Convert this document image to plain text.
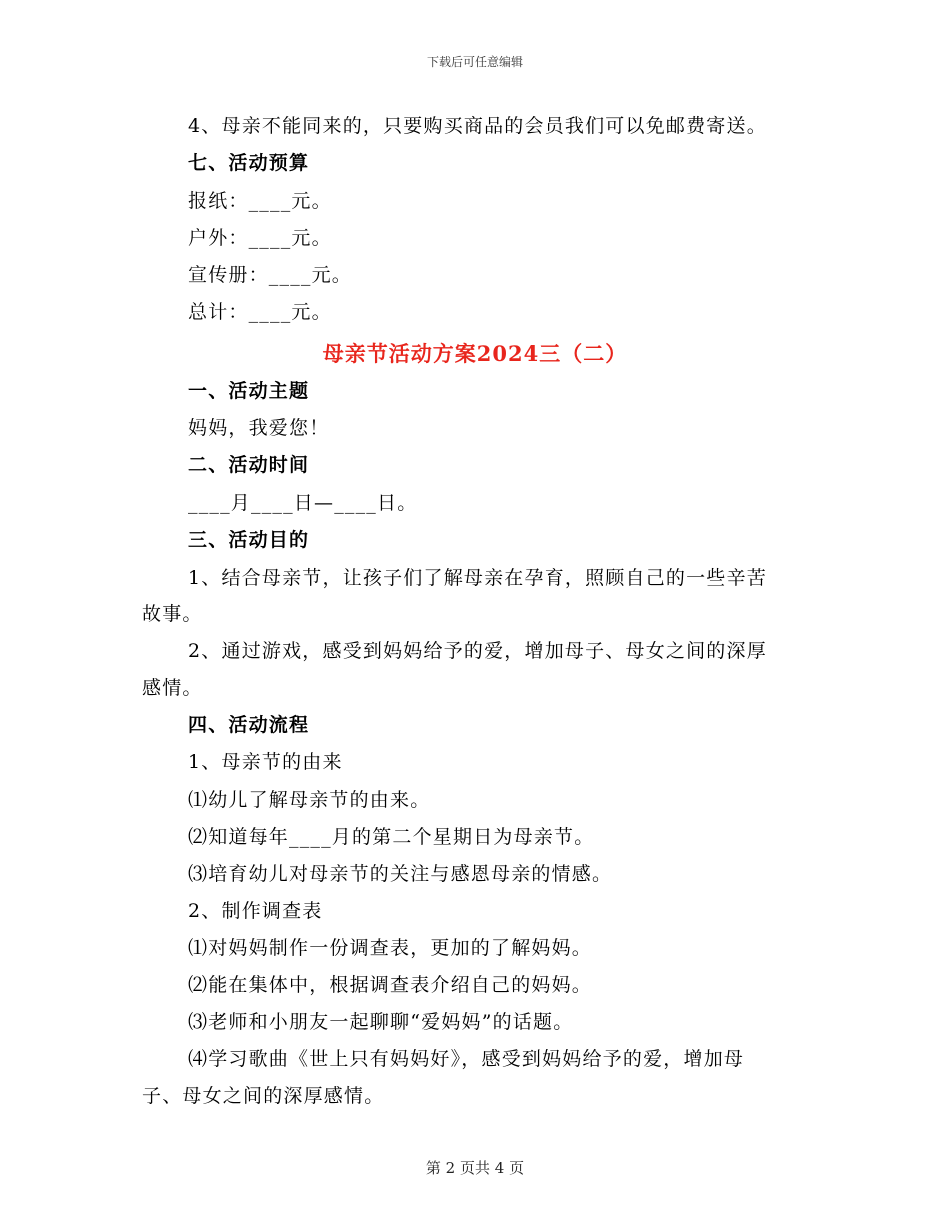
下载后可任意编辑
4、母亲不能同来的，只要购买商品的会员我们可以免邮费寄送。
七、活动预算
报纸：____元。
户外：____元。
宣传册：____元。
总计：____元。
母亲节活动方案2024三（二）
一、活动主题
妈妈，我爱您！
二、活动时间
____月____日—____日。
三、活动目的
1、结合母亲节，让孩子们了解母亲在孕育，照顾自己的一些辛苦
故事。
2、通过游戏，感受到妈妈给予的爱，增加母子、母女之间的深厚
感情。
四、活动流程
1、母亲节的由来
⑴幼儿了解母亲节的由来。
⑵知道每年____月的第二个星期日为母亲节。
⑶培育幼儿对母亲节的关注与感恩母亲的情感。
2、制作调查表
⑴对妈妈制作一份调查表，更加的了解妈妈。
⑵能在集体中，根据调查表介绍自己的妈妈。
⑶老师和小朋友一起聊聊“爱妈妈”的话题。
⑷学习歌曲《世上只有妈妈好》，感受到妈妈给予的爱，增加母
子、母女之间的深厚感情。
第 2 页共 4 页
